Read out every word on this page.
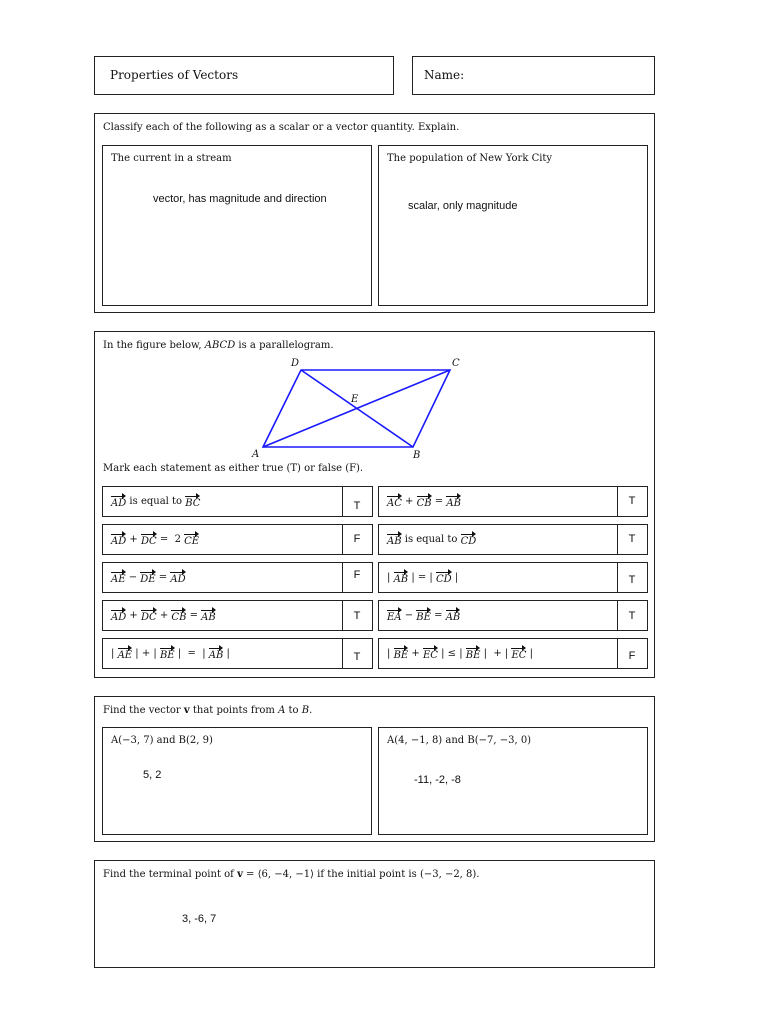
Properties of Vectors	Name:
Classify each of the following as a scalar or a vector quantity. Explain.
The current in a stream
vector, has magnitude and direction
The population of New York City
scalar, only magnitude
In the figure below, ABCD is a parallelogram.
A	B
C
D
E
Mark each statement as either true (T) or false (F).
AD is equal to BC	T	AC + CB = AB	T
AD + DC =  2 CE	F	AB is equal to CD	T
AE − DE = AD	F	| AB | = | CD |	T
AD + DC + CB = AB	T	EA − BE = AB	T
| AE | + | BE |  =  | AB |	T	| BE + EC | ≤ | BE |  + | EC |	F
Find the vector v that points from A to B.
A(−3, 7) and B(2, 9)
5, 2
A(4, −1, 8) and B(−7, −3, 0)
-11, -2, -8
Find the terminal point of v = ⟨6, −4, −1⟩ if the initial point is (−3, −2, 8).
3, -6, 7
